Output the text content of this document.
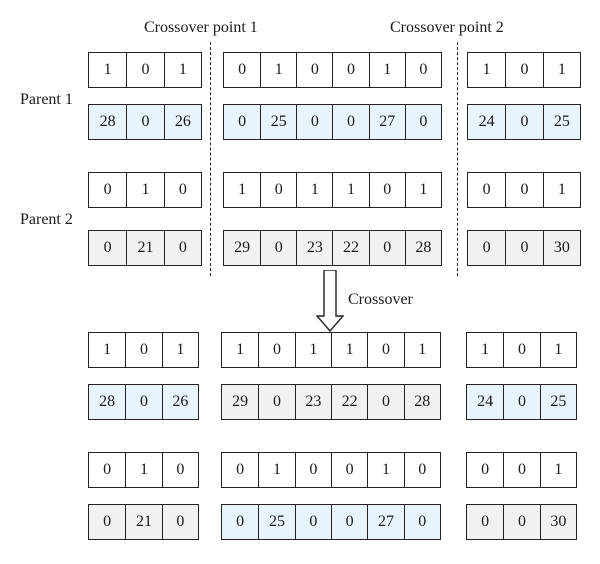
Crossover point 1	Crossover point 2
Parent 1
Parent 2
Crossover
1	0	1	0	1	0	0	1	0	1	0	1
28	0	26	0	25	0	0	27	0	24	0	25
0	1	0	1	0	1	1	0	1	0	0	1
0	21	0	29	0	23	22	0	28	0	0	30
1	0	1	1	0	1	1	0	1	1	0	1
28	0	26	29	0	23	22	0	28	24	0	25
0	1	0	0	1	0	0	1	0	0	0	1
0	21	0	0	25	0	0	27	0	0	0	30
